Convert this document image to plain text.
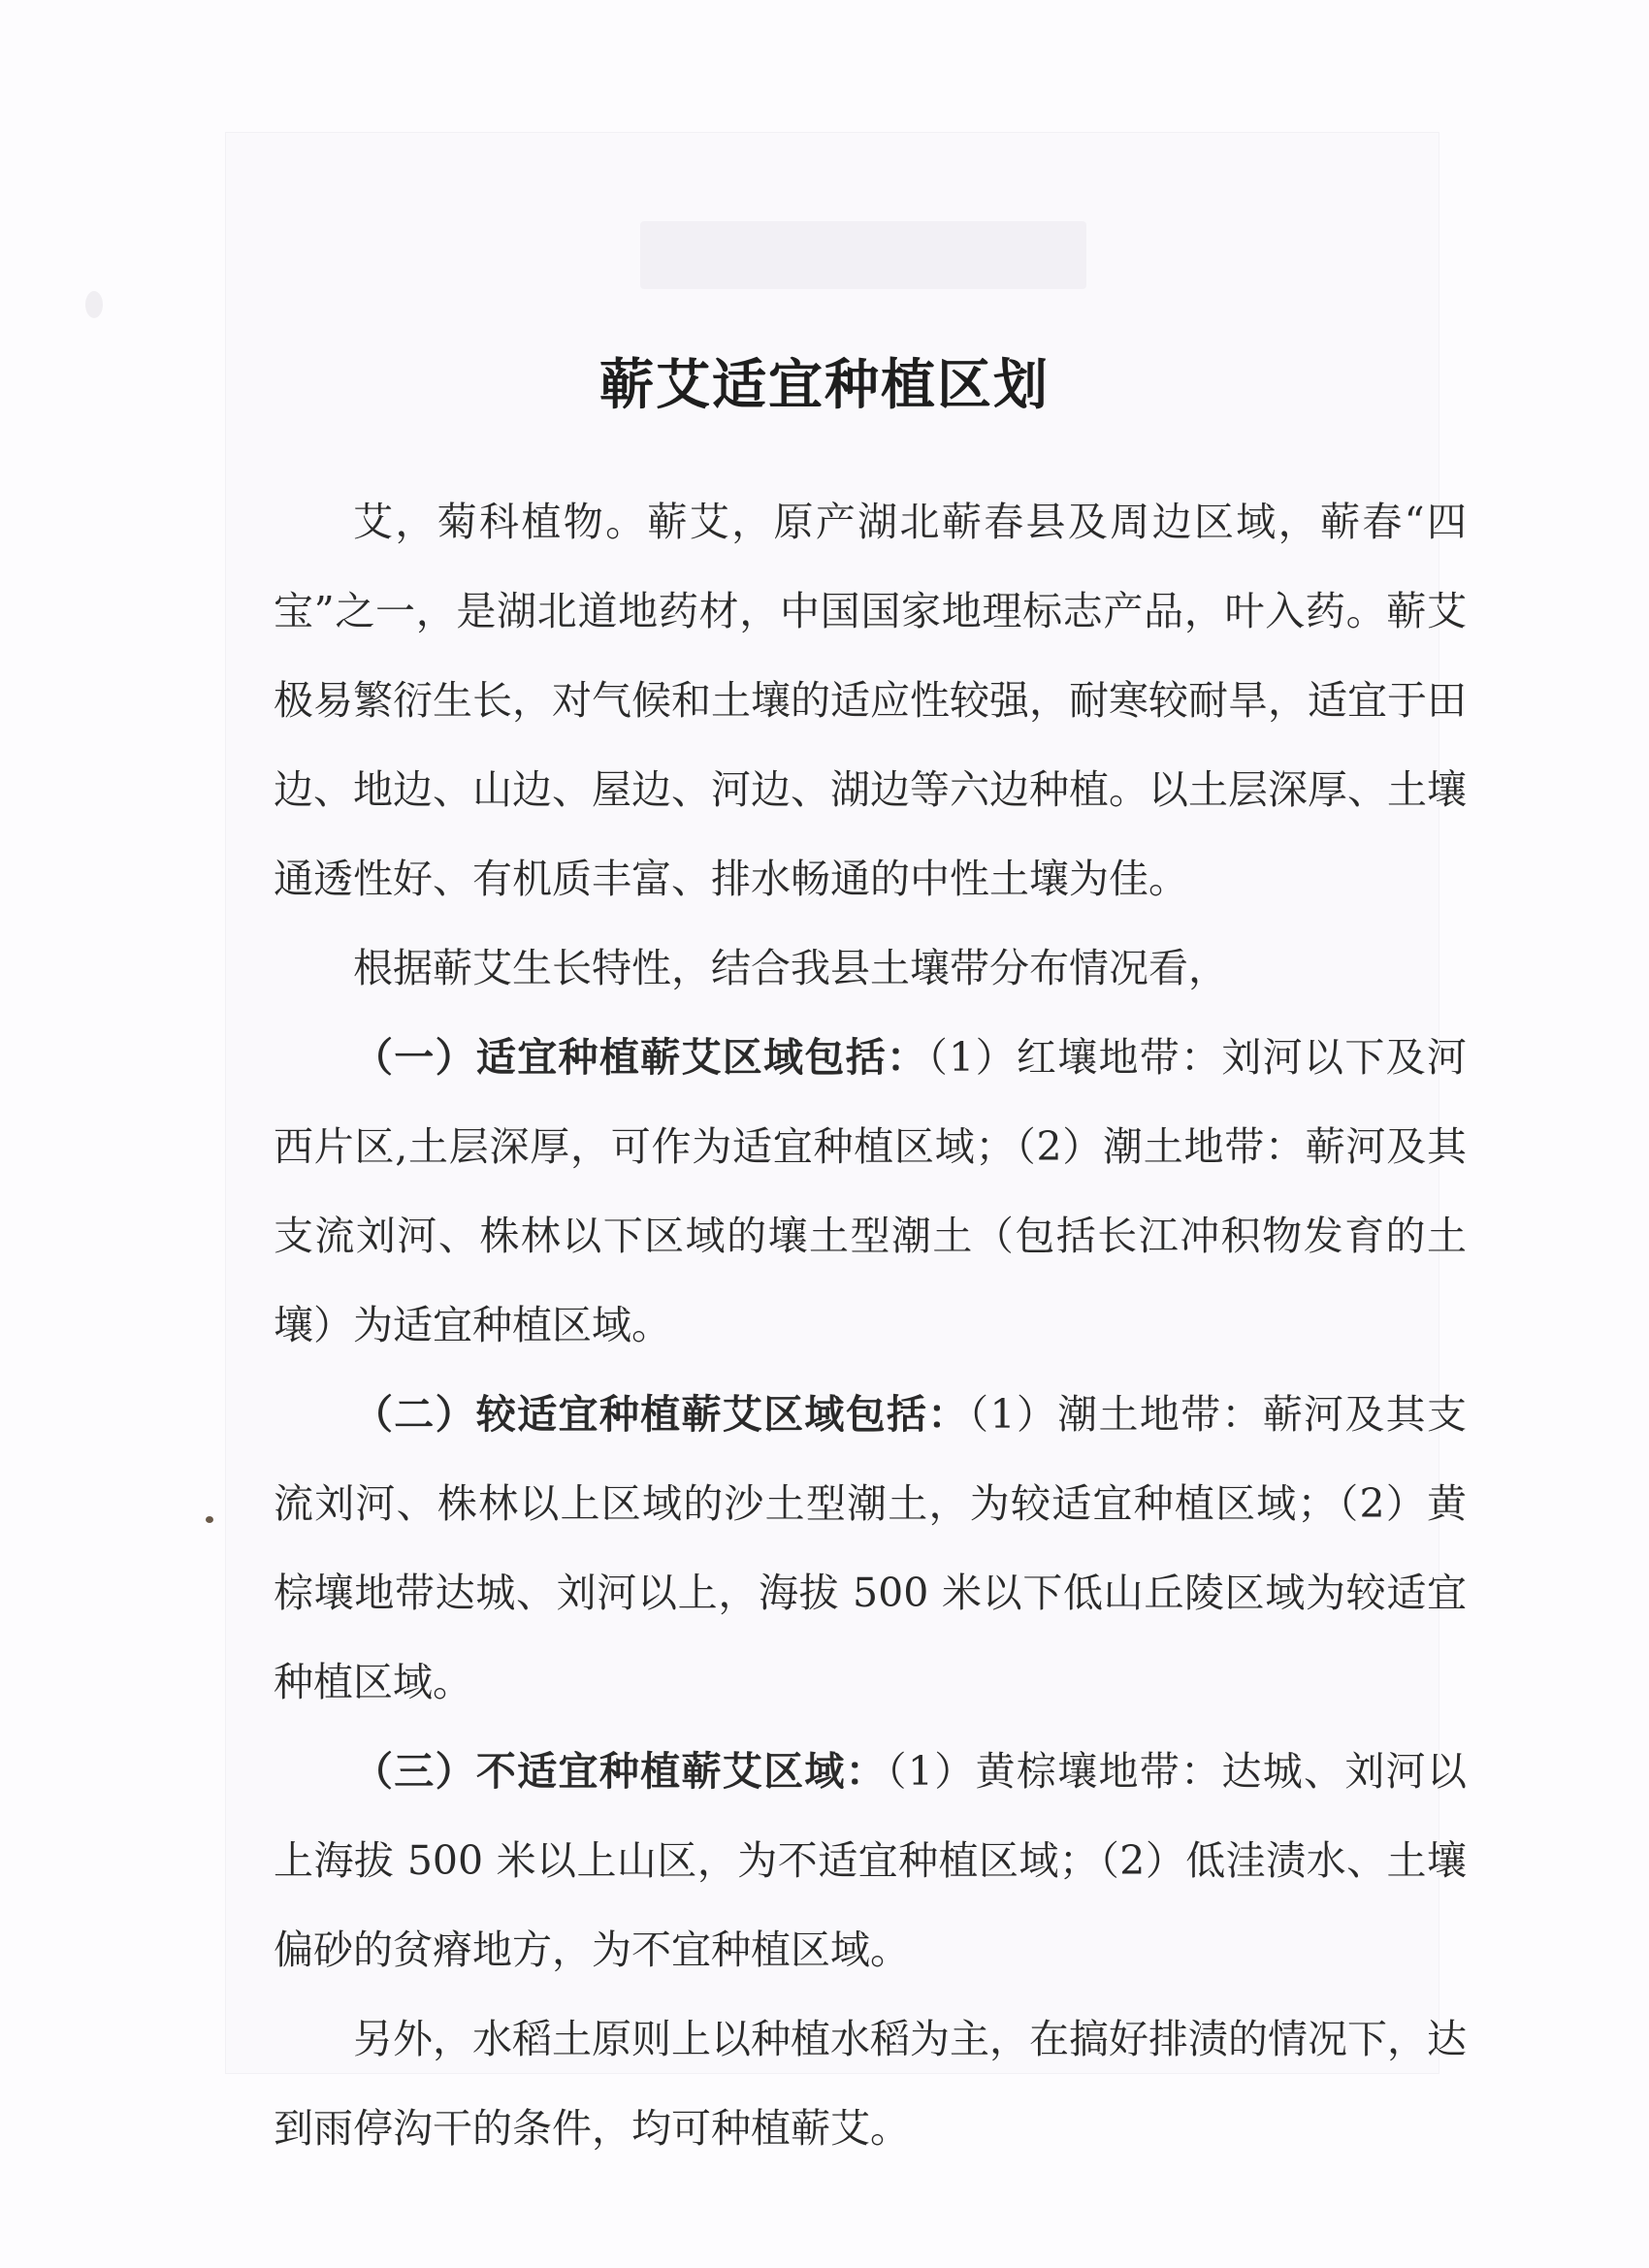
蕲艾适宜种植区划

艾，菊科植物。蕲艾，原产湖北蕲春县及周边区域，蕲春“四宝”之一，是湖北道地药材，中国国家地理标志产品，叶入药。蕲艾极易繁衍生长，对气候和土壤的适应性较强，耐寒较耐旱，适宜于田边、地边、山边、屋边、河边、湖边等六边种植。以土层深厚、土壤通透性好、有机质丰富、排水畅通的中性土壤为佳。

根据蕲艾生长特性，结合我县土壤带分布情况看，

（一）适宜种植蕲艾区域包括：（1）红壤地带：刘河以下及河西片区,土层深厚，可作为适宜种植区域；（2）潮土地带：蕲河及其支流刘河、株林以下区域的壤土型潮土（包括长江冲积物发育的土壤）为适宜种植区域。

（二）较适宜种植蕲艾区域包括：（1）潮土地带：蕲河及其支流刘河、株林以上区域的沙土型潮土，为较适宜种植区域；（2）黄棕壤地带达城、刘河以上，海拔 500 米以下低山丘陵区域为较适宜种植区域。

（三）不适宜种植蕲艾区域：（1）黄棕壤地带：达城、刘河以上海拔 500 米以上山区，为不适宜种植区域；（2）低洼渍水、土壤偏砂的贫瘠地方，为不宜种植区域。

另外，水稻土原则上以种植水稻为主，在搞好排渍的情况下，达到雨停沟干的条件，均可种植蕲艾。
